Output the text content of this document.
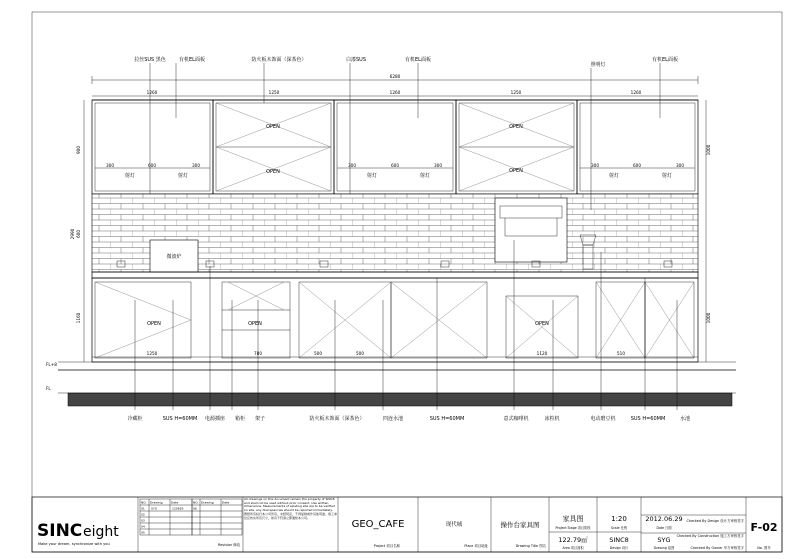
6280
1260	1250	1260	1250	1260
OPEN
OPEN
OPEN
OPEN
300	600	300	300	600	300	300	600	300
射灯	射灯	射灯	射灯	射灯	射灯
微波炉
OPEN	OPEN	OPEN
1250	780	500	500	1120	510
900
2990 600
1160
1000
1000
FL+8
FL
拉丝SUS 黑色	有机EL面板	防火板木饰面（深茶色）	白漆SUS	有机EL面板
照明灯
有机EL面板
冷藏柜	SUS H=60MM 电源插座 箱柜 架子	防火板木饰面（深茶色）	四连水池	SUS H=60MM	意式咖啡机	冰粒机	电动磨豆机	SUS H=60MM	水池
SINC eight
Make your dream, synchronize with you
NO. Drawing	Date	NO. Drawing	Date
01 SYG	120629
02
03
04
05
06
Revision 修改
All drawings on this document remain the property of SINC8 and shall not be used without prior consent. Use written dimensions. Measurements of existing site are to be verified on site, any discrepancies should be reported immediately.
图纸所有权归本公司所有，未经同意，不得复制或作其他用途。施工单位应核实所有尺寸，如有不符请立即通知本公司。
GEO_CAFE
Project 项目名称
现代城
Place 项目地址
操作台家具图
Drawing Title 图名
家具图
Project Stage 项目阶段
122.79㎡
Area 项目面积
1:20
Scale 比例
SINC8
Design 设计
2012.06.29
Date 日期
SYG
Drawing 绘图
Checked By Design 设计方审核签字
Checked By Construction 施工方审核签字
Checked By Owner 甲方审核签字
F-02
No. 图号
